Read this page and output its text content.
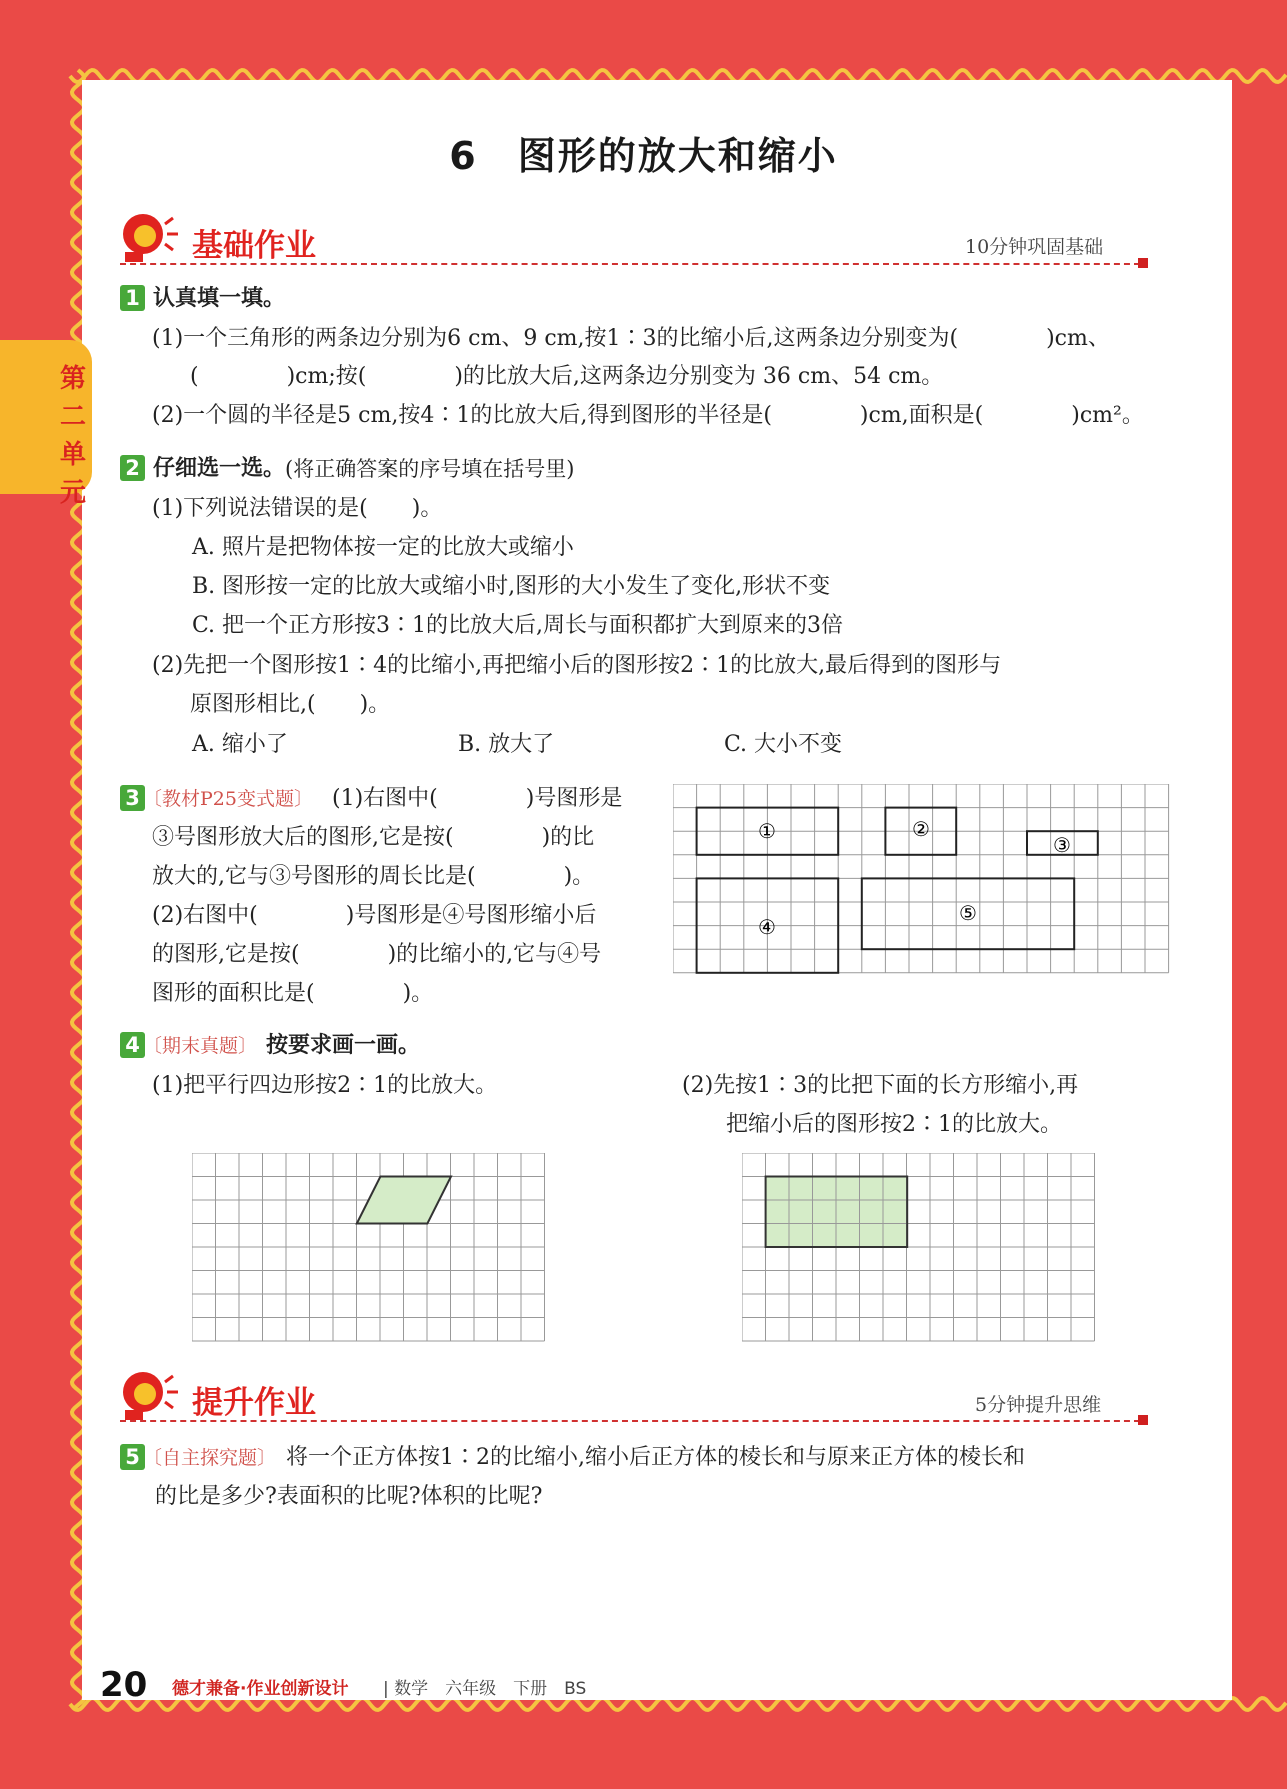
第
二
单
元
6　图形的放大和缩小
基础作业	10分钟巩固基础
1 认真填一填。
(1)一个三角形的两条边分别为6 cm、9 cm,按1∶3的比缩小后,这两条边分别变为(　　　　)cm、
(　　　　)cm;按(　　　　)的比放大后,这两条边分别变为 36 cm、54 cm。
(2)一个圆的半径是5 cm,按4∶1的比放大后,得到图形的半径是(　　　　)cm,面积是(　　　　)cm²。
2 仔细选一选。 (将正确答案的序号填在括号里)
(1)下列说法错误的是(　　)。
A. 照片是把物体按一定的比放大或缩小
B. 图形按一定的比放大或缩小时,图形的大小发生了变化,形状不变
C. 把一个正方形按3∶1的比放大后,周长与面积都扩大到原来的3倍
(2)先把一个图形按1∶4的比缩小,再把缩小后的图形按2∶1的比放大,最后得到的图形与
原图形相比,(　　)。
A. 缩小了	B. 放大了	C. 大小不变
3 〔教材P25变式题〕 (1)右图中(　　　　)号图形是
③号图形放大后的图形,它是按(　　　　)的比
放大的,它与③号图形的周长比是(　　　　)。
(2)右图中(　　　　)号图形是④号图形缩小后
的图形,它是按(　　　　)的比缩小的,它与④号
图形的面积比是(　　　　)。
①	②
③
④
⑤
4 〔期末真题〕 按要求画一画。
(1)把平行四边形按2∶1的比放大。	(2)先按1∶3的比把下面的长方形缩小,再
把缩小后的图形按2∶1的比放大。
提升作业	5分钟提升思维
5 〔自主探究题〕 将一个正方体按1∶2的比缩小,缩小后正方体的棱长和与原来正方体的棱长和
的比是多少?表面积的比呢?体积的比呢?
20 德才兼备·作业创新设计 | 数学　六年级　下册　BS
